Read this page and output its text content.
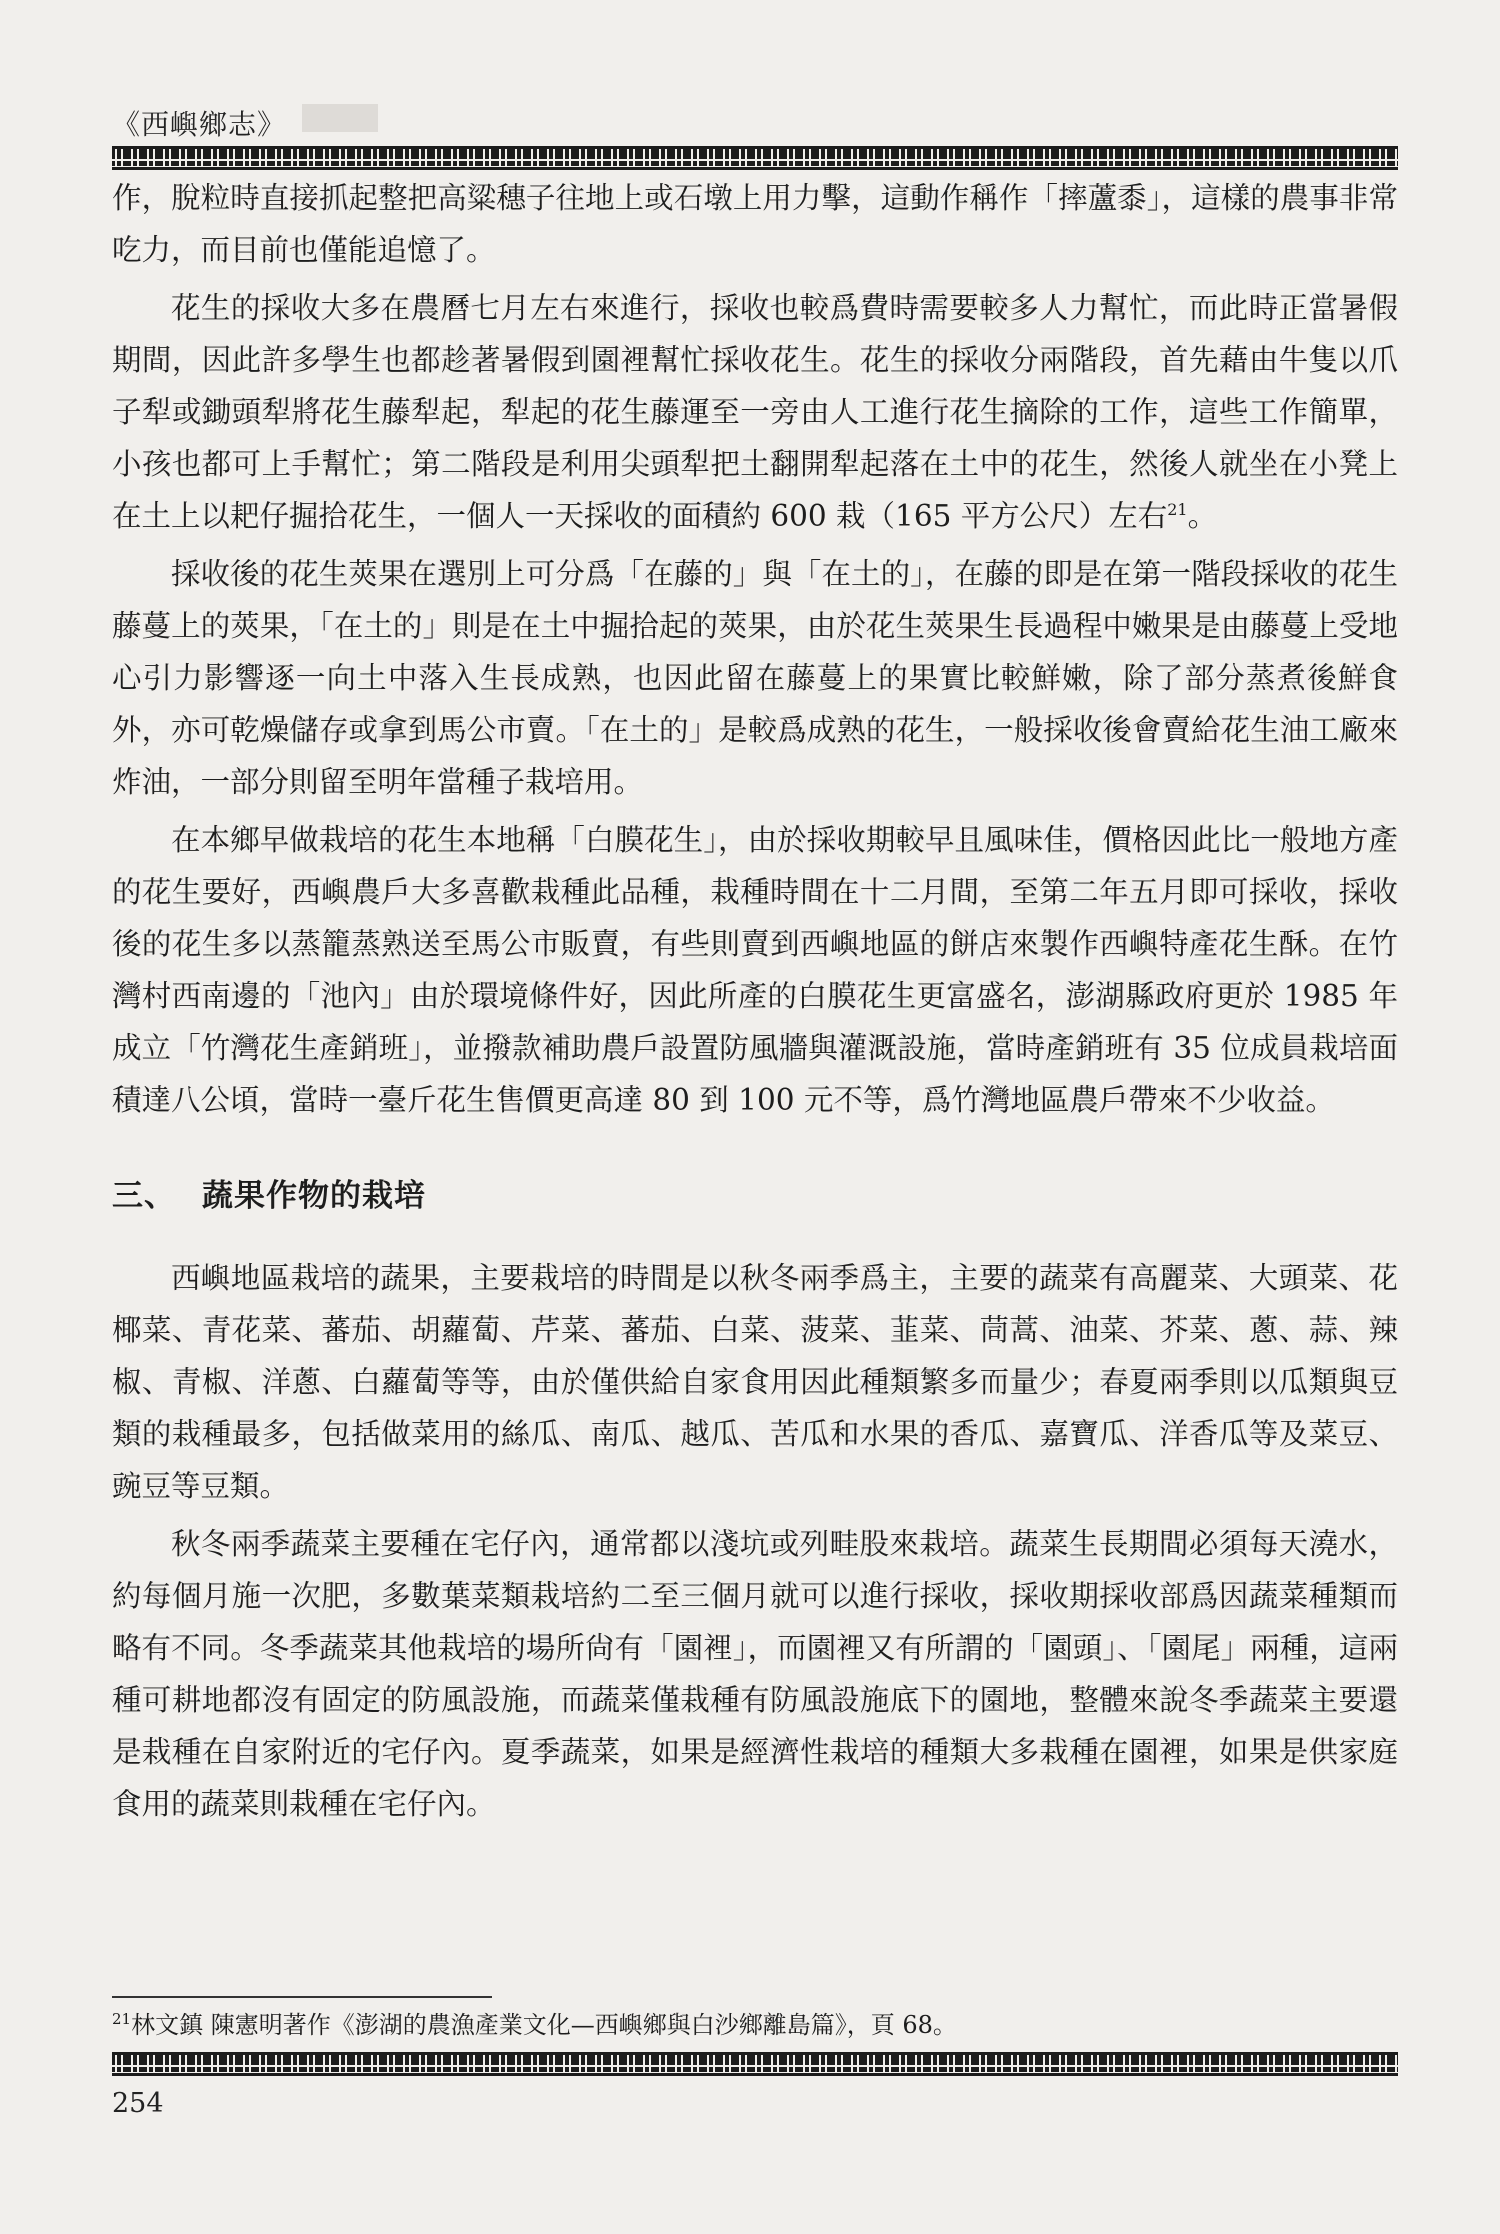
《西嶼鄉志》

作，脫粒時直接抓起整把高粱穗子往地上或石墩上用力擊，這動作稱作「摔蘆黍」，這樣的農事非常吃力，而目前也僅能追憶了。

花生的採收大多在農曆七月左右來進行，採收也較爲費時需要較多人力幫忙，而此時正當暑假期間，因此許多學生也都趁著暑假到園裡幫忙採收花生。花生的採收分兩階段，首先藉由牛隻以爪子犁或鋤頭犁將花生藤犁起，犁起的花生藤運至一旁由人工進行花生摘除的工作，這些工作簡單，小孩也都可上手幫忙；第二階段是利用尖頭犁把土翻開犁起落在土中的花生，然後人就坐在小凳上在土上以耙仔掘拾花生，一個人一天採收的面積約 600 栽（165 平方公尺）左右$^{21}$。

採收後的花生莢果在選別上可分爲「在藤的」與「在土的」，在藤的即是在第一階段採收的花生藤蔓上的莢果，「在土的」則是在土中掘拾起的莢果，由於花生莢果生長過程中嫩果是由藤蔓上受地心引力影響逐一向土中落入生長成熟，也因此留在藤蔓上的果實比較鮮嫩，除了部分蒸煮後鮮食外，亦可乾燥儲存或拿到馬公市賣。「在土的」是較爲成熟的花生，一般採收後會賣給花生油工廠來炸油，一部分則留至明年當種子栽培用。

在本鄉早做栽培的花生本地稱「白膜花生」，由於採收期較早且風味佳，價格因此比一般地方產的花生要好，西嶼農戶大多喜歡栽種此品種，栽種時間在十二月間，至第二年五月即可採收，採收後的花生多以蒸籠蒸熟送至馬公市販賣，有些則賣到西嶼地區的餅店來製作西嶼特產花生酥。在竹灣村西南邊的「池內」由於環境條件好，因此所產的白膜花生更富盛名，澎湖縣政府更於 1985 年成立「竹灣花生產銷班」，並撥款補助農戶設置防風牆與灌溉設施，當時產銷班有 35 位成員栽培面積達八公頃，當時一臺斤花生售價更高達 80 到 100 元不等，爲竹灣地區農戶帶來不少收益。

三、 蔬果作物的栽培

西嶼地區栽培的蔬果，主要栽培的時間是以秋冬兩季爲主，主要的蔬菜有高麗菜、大頭菜、花椰菜、青花菜、蕃茄、胡蘿蔔、芹菜、蕃茄、白菜、菠菜、韮菜、茼蒿、油菜、芥菜、蔥、蒜、辣椒、青椒、洋蔥、白蘿蔔等等，由於僅供給自家食用因此種類繁多而量少；春夏兩季則以瓜類與豆類的栽種最多，包括做菜用的絲瓜、南瓜、越瓜、苦瓜和水果的香瓜、嘉寶瓜、洋香瓜等及菜豆、豌豆等豆類。

秋冬兩季蔬菜主要種在宅仔內，通常都以淺坑或列畦股來栽培。蔬菜生長期間必須每天澆水，約每個月施一次肥，多數葉菜類栽培約二至三個月就可以進行採收，採收期採收部爲因蔬菜種類而略有不同。冬季蔬菜其他栽培的場所尙有「園裡」，而園裡又有所謂的「園頭」、「園尾」兩種，這兩種可耕地都沒有固定的防風設施，而蔬菜僅栽種有防風設施底下的園地，整體來說冬季蔬菜主要還是栽種在自家附近的宅仔內。夏季蔬菜，如果是經濟性栽培的種類大多栽種在園裡，如果是供家庭食用的蔬菜則栽種在宅仔內。

$^{21}$林文鎮 陳憲明著作《澎湖的農漁產業文化—西嶼鄉與白沙鄉離島篇》，頁 68。
254
